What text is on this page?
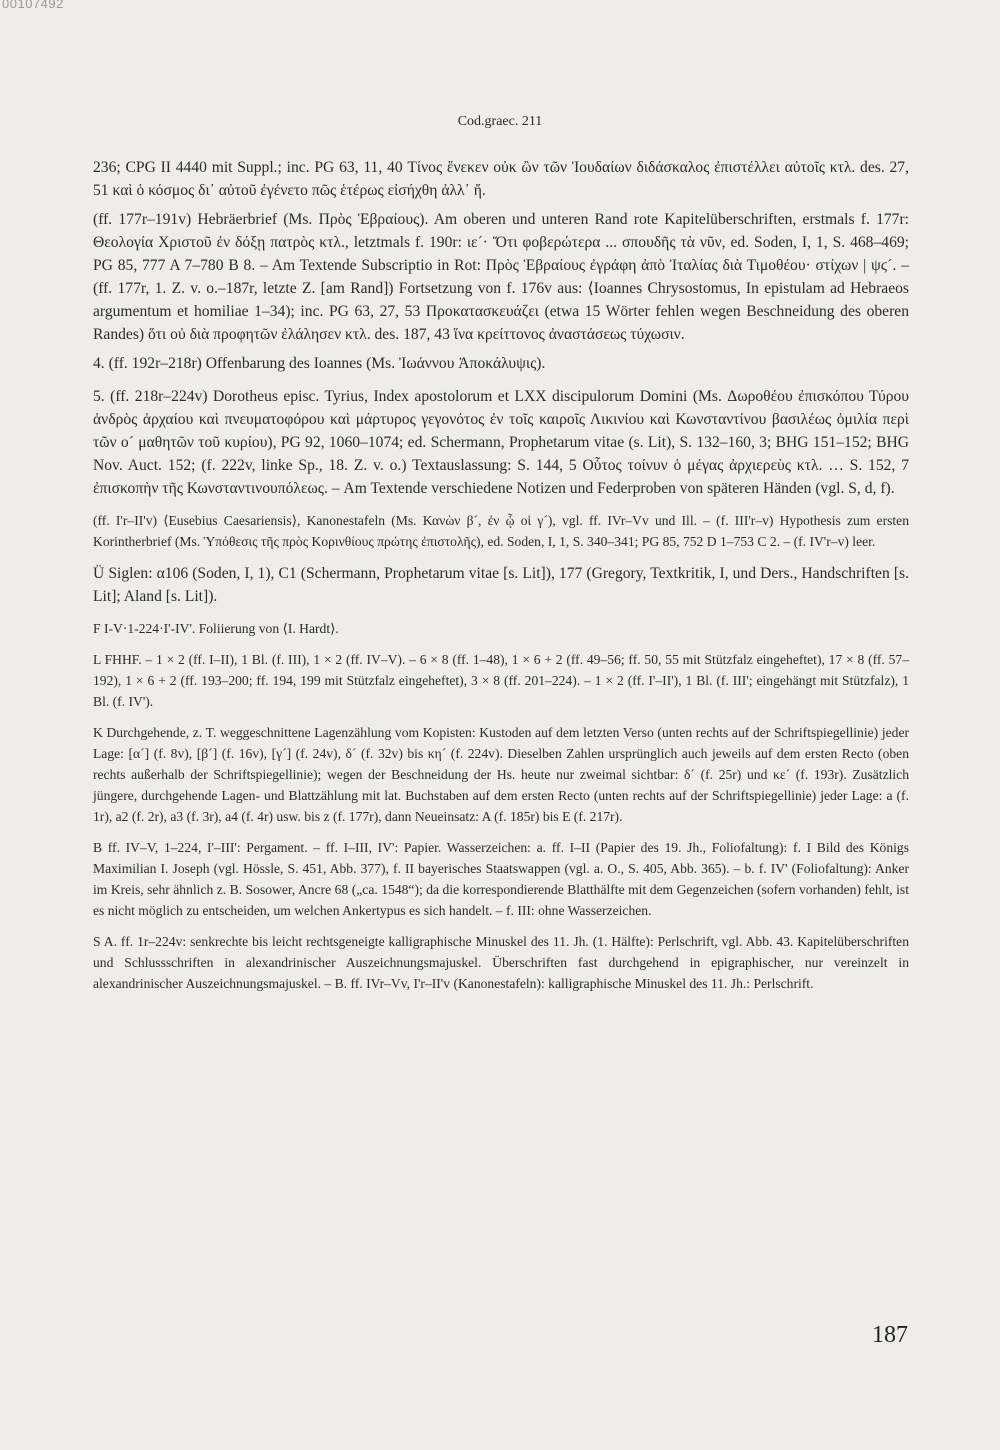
00107492
Cod.graec. 211

236; CPG II 4440 mit Suppl.; inc. PG 63, 11, 40 Τίνος ἕνεκεν οὐκ ὢν τῶν Ἰουδαίων διδάσκαλος ἐπιστέλλει αὐτοῖς κτλ. des. 27, 51 καὶ ὁ κόσμος δι᾽ αὐτοῦ ἐγένετο πῶς ἑτέρως εἰσήχθη ἀλλ᾽ ἤ.

(ff. 177r–191v) Hebräerbrief (Ms. Πρὸς Ἑβραίους). Am oberen und unteren Rand rote Kapitelüberschriften, erstmals f. 177r: Θεολογία Χριστοῦ ἐν δόξῃ πατρὸς κτλ., letztmals f. 190r: ιε´· Ὅτι φοβερώτερα ... σπουδῆς τὰ νῦν, ed. Soden, I, 1, S. 468–469; PG 85, 777 A 7–780 B 8. – Am Textende Subscriptio in Rot: Πρὸς Ἑβραίους ἐγράφη ἀπὸ Ἰταλίας διὰ Τιμοθέου· στίχων | ψϛ´. – (ff. 177r, 1. Z. v. o.–187r, letzte Z. [am Rand]) Fortsetzung von f. 176v aus: ⟨Ioannes Chrysostomus, In epistulam ad Hebraeos argumentum et homiliae 1–34); inc. PG 63, 27, 53 Προκατασκευάζει (etwa 15 Wörter fehlen wegen Beschneidung des oberen Randes) ὅτι οὐ διὰ προφητῶν ἐλάλησεν κτλ. des. 187, 43 ἵνα κρείττονος ἀναστάσεως τύχωσιν.

4. (ff. 192r–218r) Offenbarung des Ioannes (Ms. Ἰωάννου Ἀποκάλυψις).

5. (ff. 218r–224v) Dorotheus episc. Tyrius, Index apostolorum et LXX discipulorum Domini (Ms. Δωροθέου ἐπισκόπου Τύρου ἀνδρὸς ἀρχαίου καὶ πνευματοφόρου καὶ μάρτυρος γεγονότος ἐν τοῖς καιροῖς Λικινίου καὶ Κωνσταντίνου βασιλέως ὁμιλία περὶ τῶν ο´ μαθητῶν τοῦ κυρίου), PG 92, 1060–1074; ed. Schermann, Prophetarum vitae (s. Lit), S. 132–160, 3; BHG 151–152; BHG Nov. Auct. 152; (f. 222v, linke Sp., 18. Z. v. o.) Textauslassung: S. 144, 5 Οὗτος τοίνυν ὁ μέγας ἀρχιερεὺς κτλ. … S. 152, 7 ἐπισκοπὴν τῆς Κωνσταντινουπόλεως. – Am Textende verschiedene Notizen und Federproben von späteren Händen (vgl. S, d, f).

(ff. I'r–II'v) ⟨Eusebius Caesariensis⟩, Kanonestafeln (Ms. Κανὼν β´, ἐν ᾧ οἱ γ´), vgl. ff. IVr–Vv und Ill. – (f. III'r–v) Hypothesis zum ersten Korintherbrief (Ms. Ὑπόθεσις τῆς πρὸς Κορινθίους πρώτης ἐπιστολῆς), ed. Soden, I, 1, S. 340–341; PG 85, 752 D 1–753 C 2. – (f. IV'r–v) leer.

Ü Siglen: α106 (Soden, I, 1), C1 (Schermann, Prophetarum vitae [s. Lit]), 177 (Gregory, Textkritik, I, und Ders., Handschriften [s. Lit]; Aland [s. Lit]).

F I-V·1-224·I'-IV'. Foliierung von ⟨I. Hardt⟩.

L FHHF. – 1 × 2 (ff. I–II), 1 Bl. (f. III), 1 × 2 (ff. IV–V). – 6 × 8 (ff. 1–48), 1 × 6 + 2 (ff. 49–56; ff. 50, 55 mit Stützfalz eingeheftet), 17 × 8 (ff. 57–192), 1 × 6 + 2 (ff. 193–200; ff. 194, 199 mit Stützfalz eingeheftet), 3 × 8 (ff. 201–224). – 1 × 2 (ff. I'–II'), 1 Bl. (f. III'; eingehängt mit Stützfalz), 1 Bl. (f. IV').

K Durchgehende, z. T. weggeschnittene Lagenzählung vom Kopisten: Kustoden auf dem letzten Verso (unten rechts auf der Schriftspiegellinie) jeder Lage: [α´] (f. 8v), [β´] (f. 16v), [γ´] (f. 24v), δ´ (f. 32v) bis κη´ (f. 224v). Dieselben Zahlen ursprünglich auch jeweils auf dem ersten Recto (oben rechts außerhalb der Schriftspiegellinie); wegen der Beschneidung der Hs. heute nur zweimal sichtbar: δ´ (f. 25r) und κε´ (f. 193r). Zusätzlich jüngere, durchgehende Lagen- und Blattzählung mit lat. Buchstaben auf dem ersten Recto (unten rechts auf der Schriftspiegellinie) jeder Lage: a (f. 1r), a2 (f. 2r), a3 (f. 3r), a4 (f. 4r) usw. bis z (f. 177r), dann Neueinsatz: A (f. 185r) bis E (f. 217r).

B ff. IV–V, 1–224, I'–III': Pergament. – ff. I–III, IV': Papier. Wasserzeichen: a. ff. I–II (Papier des 19. Jh., Foliofaltung): f. I Bild des Königs Maximilian I. Joseph (vgl. Hössle, S. 451, Abb. 377), f. II bayerisches Staatswappen (vgl. a. O., S. 405, Abb. 365). – b. f. IV' (Foliofaltung): Anker im Kreis, sehr ähnlich z. B. Sosower, Ancre 68 („ca. 1548“); da die korrespondierende Blatthälfte mit dem Gegenzeichen (sofern vorhanden) fehlt, ist es nicht möglich zu entscheiden, um welchen Ankertypus es sich handelt. – f. III: ohne Wasserzeichen.

S A. ff. 1r–224v: senkrechte bis leicht rechtsgeneigte kalligraphische Minuskel des 11. Jh. (1. Hälfte): Perlschrift, vgl. Abb. 43. Kapitelüberschriften und Schlussschriften in alexandrinischer Auszeichnungsmajuskel. Überschriften fast durchgehend in epigraphischer, nur vereinzelt in alexandrinischer Auszeichnungsmajuskel. – B. ff. IVr–Vv, I'r–II'v (Kanonestafeln): kalligraphische Minuskel des 11. Jh.: Perlschrift.

187
